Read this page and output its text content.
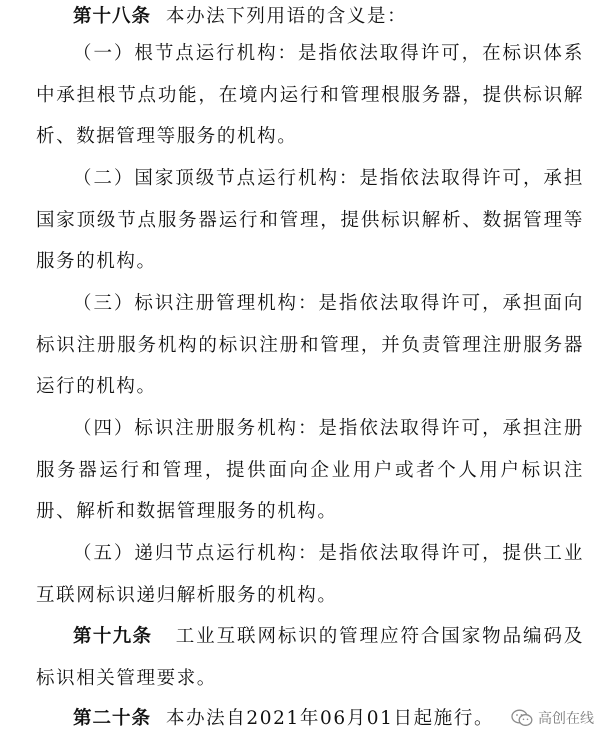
第十八条 本办法下列用语的含义是：

（一）根节点运行机构：是指依法取得许可，在标识体系中承担根节点功能，在境内运行和管理根服务器，提供标识解析、数据管理等服务的机构。

（二）国家顶级节点运行机构：是指依法取得许可，承担国家顶级节点服务器运行和管理，提供标识解析、数据管理等服务的机构。

（三）标识注册管理机构：是指依法取得许可，承担面向标识注册服务机构的标识注册和管理，并负责管理注册服务器运行的机构。

（四）标识注册服务机构：是指依法取得许可，承担注册服务器运行和管理，提供面向企业用户或者个人用户标识注册、解析和数据管理服务的机构。

（五）递归节点运行机构：是指依法取得许可，提供工业互联网标识递归解析服务的机构。

第十九条 工业互联网标识的管理应符合国家物品编码及标识相关管理要求。

第二十条 本办法自2021年06月01日起施行。	高创在线
